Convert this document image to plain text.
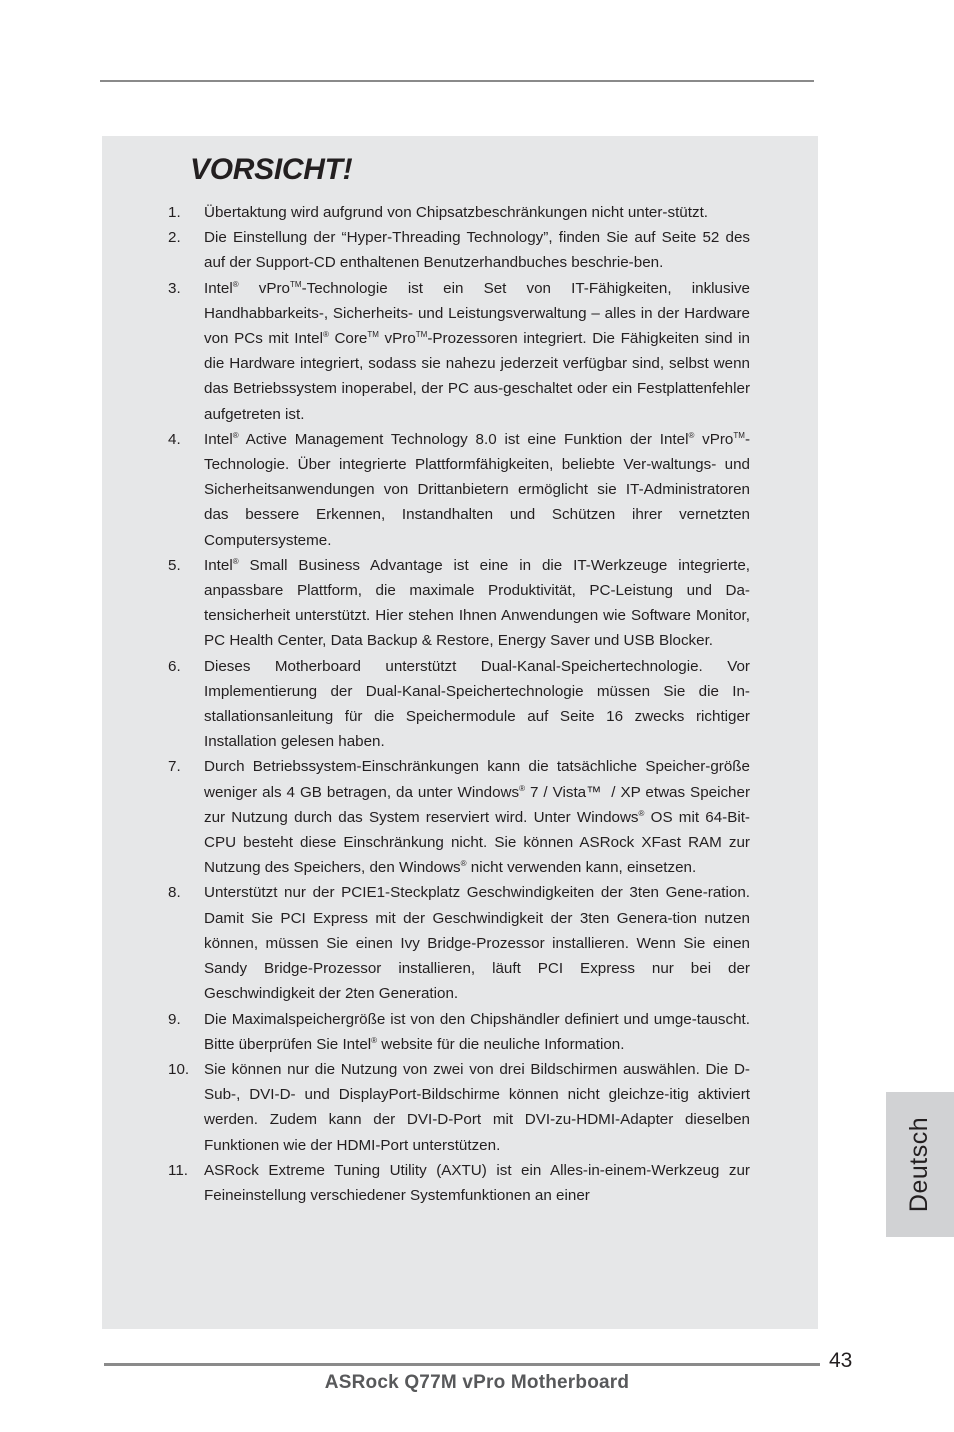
VORSICHT!
1.	Übertaktung wird aufgrund von Chipsatzbeschränkungen nicht unter-stützt.
2.	Die Einstellung der “Hyper-Threading Technology”, finden Sie auf Seite 52 des auf der Support-CD enthaltenen Benutzerhandbuches beschrie-ben.
3.	Intel® vPro™-Technologie ist ein Set von IT-Fähigkeiten, inklusive Handhabbarkeits-, Sicherheits- und Leistungsverwaltung – alles in der Hardware von PCs mit Intel® Core™ vPro™-Prozessoren integriert. Die Fähigkeiten sind in die Hardware integriert, sodass sie nahezu jederzeit verfügbar sind, selbst wenn das Betriebssystem inoperabel, der PC aus-geschaltet oder ein Festplattenfehler aufgetreten ist.
4.	Intel® Active Management Technology 8.0 ist eine Funktion der Intel® vPro™-Technologie. Über integrierte Plattformfähigkeiten, beliebte Ver-waltungs- und Sicherheitsanwendungen von Drittanbietern ermöglicht sie IT-Administratoren das bessere Erkennen, Instandhalten und Schützen ihrer vernetzten Computersysteme.
5.	Intel® Small Business Advantage ist eine in die IT-Werkzeuge integrierte, anpassbare Plattform, die maximale Produktivität, PC-Leistung und Da-tensicherheit unterstützt. Hier stehen Ihnen Anwendungen wie Software Monitor, PC Health Center, Data Backup & Restore, Energy Saver und USB Blocker.
6.	Dieses Motherboard unterstützt Dual-Kanal-Speichertechnologie. Vor Implementierung der Dual-Kanal-Speichertechnologie müssen Sie die In-stallationsanleitung für die Speichermodule auf Seite 16 zwecks richtiger Installation gelesen haben.
7.	Durch Betriebssystem-Einschränkungen kann die tatsächliche Speicher-größe weniger als 4 GB betragen, da unter Windows® 7 / Vista™  / XP etwas Speicher zur Nutzung durch das System reserviert wird. Unter Windows® OS mit 64-Bit-CPU besteht diese Einschränkung nicht. Sie können ASRock XFast RAM zur Nutzung des Speichers, den Windows® nicht verwenden kann, einsetzen.
8.	Unterstützt nur der PCIE1-Steckplatz Geschwindigkeiten der 3ten Gene-ration. Damit Sie PCI Express mit der Geschwindigkeit der 3ten Genera-tion nutzen können, müssen Sie einen Ivy Bridge-Prozessor installieren. Wenn Sie einen Sandy Bridge-Prozessor installieren, läuft PCI Express nur bei der Geschwindigkeit der 2ten Generation.
9.	Die Maximalspeichergröße ist von den Chipshändler definiert und umge-tauscht. Bitte überprüfen Sie Intel® website für die neuliche Information.
10. Sie können nur die Nutzung von zwei von drei Bildschirmen auswählen. Die D-Sub-, DVI-D- und DisplayPort-Bildschirme können nicht gleichze-itig aktiviert werden. Zudem kann der DVI-D-Port mit DVI-zu-HDMI-Adapter dieselben Funktionen wie der HDMI-Port unterstützen.
11.	ASRock Extreme Tuning Utility (AXTU) ist ein Alles-in-einem-Werkzeug zur Feineinstellung verschiedener Systemfunktionen an einer	Deutsch
43
ASRock Q77M vPro Motherboard
